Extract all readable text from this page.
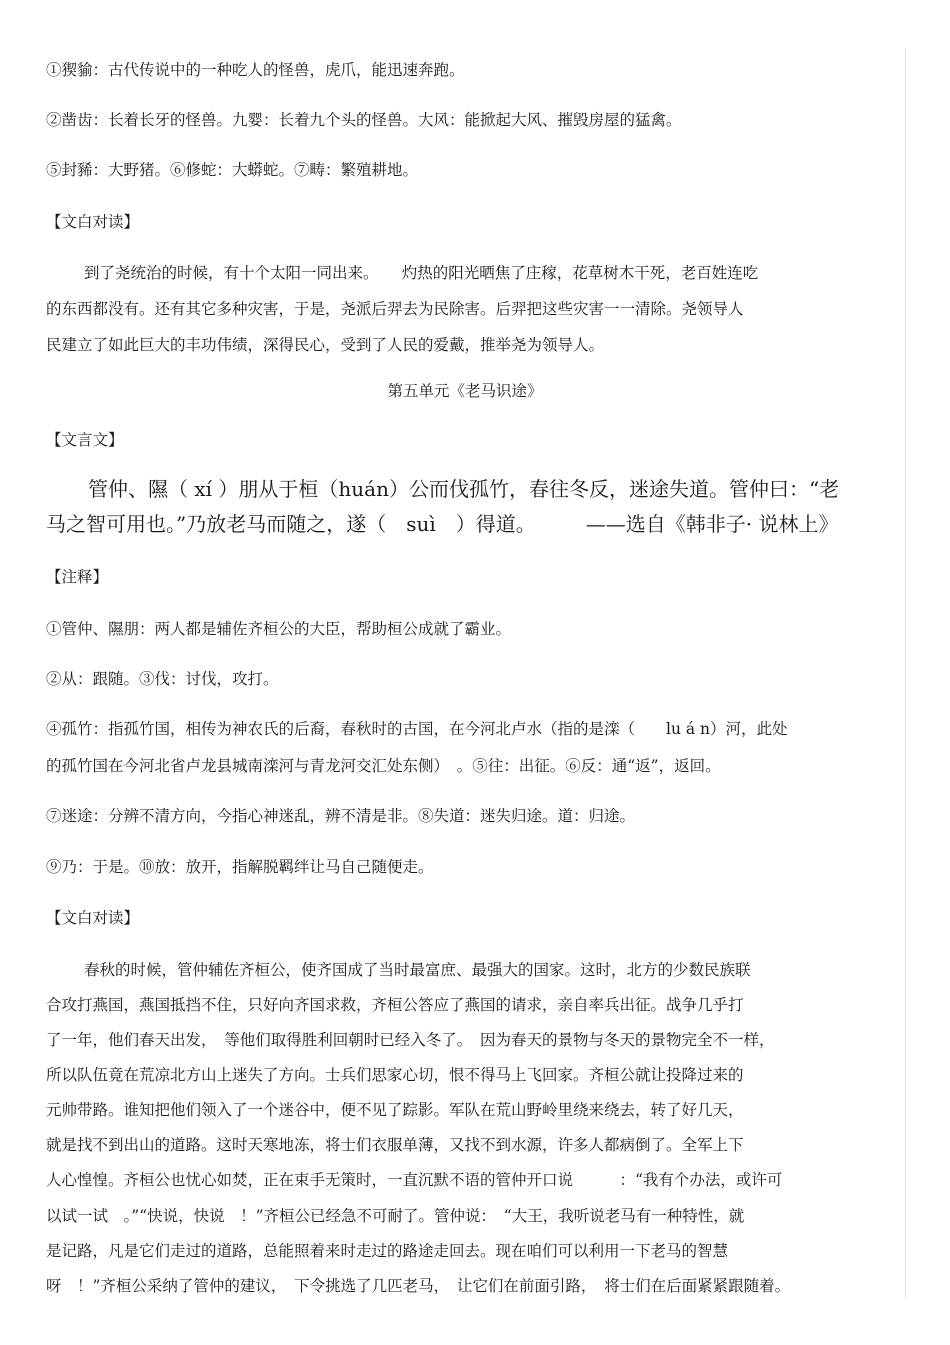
①猰貐：古代传说中的一种吃人的怪兽，虎爪，能迅速奔跑。
②凿齿：长着长牙的怪兽。九婴：长着九个头的怪兽。大风：能掀起大风、摧毁房屋的猛禽。
⑤封豨：大野猪。⑥修蛇：大蟒蛇。⑦畴：繁殖耕地。
【文白对读】
到了尧统治的时候，有十个太阳一同出来。　　灼热的阳光晒焦了庄稼，花草树木干死，老百姓连吃
的东西都没有。还有其它多种灾害，于是，尧派后羿去为民除害。后羿把这些灾害一一清除。尧领导人
民建立了如此巨大的丰功伟绩，深得民心，受到了人民的爱戴，推举尧为领导人。
第五单元《老马识途》
【文言文】
管仲、隰（ xí ）朋从于桓（huán）公而伐孤竹，春往冬反，迷途失道。管仲曰：“老
马之智可用也。”乃放老马而随之，遂（　suì　）得道。　　　——选自《韩非子· 说林上》
【注释】
①管仲、隰朋：两人都是辅佐齐桓公的大臣，帮助桓公成就了霸业。
②从：跟随。③伐：讨伐，攻打。
④孤竹：指孤竹国，相传为神农氏的后裔，春秋时的古国，在今河北卢水（指的是滦（　　lu á n）河，此处
的孤竹国在今河北省卢龙县城南滦河与青龙河交汇处东侧）　。⑤往：出征。⑥反：通“返”，返回。
⑦迷途：分辨不清方向，今指心神迷乱，辨不清是非。⑧失道：迷失归途。道：归途。
⑨乃：于是。⑩放：放开，指解脱羁绊让马自己随便走。
【文白对读】
春秋的时候，管仲辅佐齐桓公，使齐国成了当时最富庶、最强大的国家。这时，北方的少数民族联
合攻打燕国，燕国抵挡不住，只好向齐国求救，齐桓公答应了燕国的请求，亲自率兵出征。战争几乎打
了一年，他们春天出发，　等他们取得胜利回朝时已经入冬了。　因为春天的景物与冬天的景物完全不一样，
所以队伍竟在荒凉北方山上迷失了方向。士兵们思家心切，恨不得马上飞回家。齐桓公就让投降过来的
元帅带路。谁知把他们领入了一个迷谷中，便不见了踪影。军队在荒山野岭里绕来绕去，转了好几天，
就是找不到出山的道路。这时天寒地冻，将士们衣服单薄，又找不到水源，许多人都病倒了。全军上下
人心惶惶。齐桓公也忧心如焚，正在束手无策时，一直沉默不语的管仲开口说　　　：“我有个办法，或许可
以试一试　。”“快说，快说　！”齐桓公已经急不可耐了。管仲说：　“大王，我听说老马有一种特性，就
是记路，凡是它们走过的道路，总能照着来时走过的路途走回去。现在咱们可以利用一下老马的智慧
呀　！”齐桓公采纳了管仲的建议，　下令挑选了几匹老马，　让它们在前面引路，　将士们在后面紧紧跟随着。
